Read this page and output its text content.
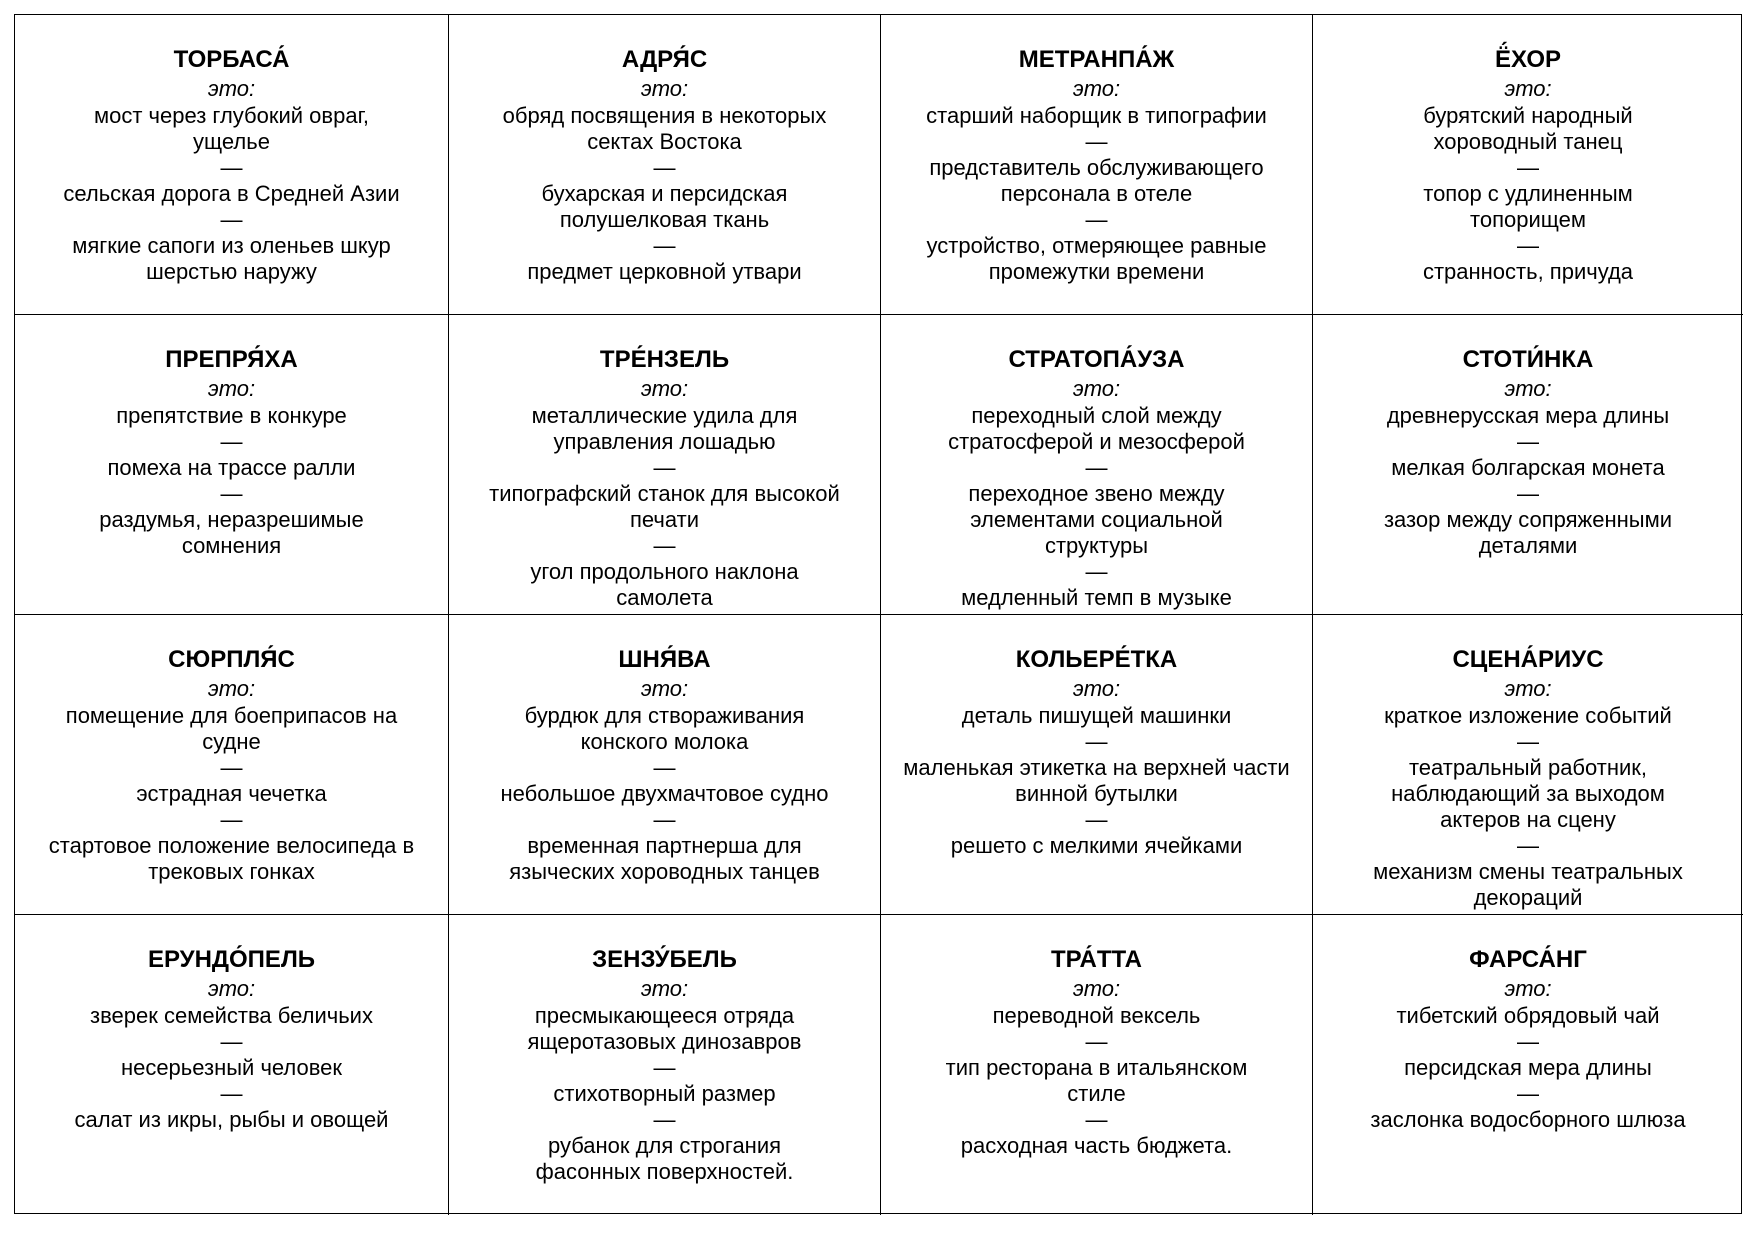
ТОРБАСА́
это:
мост через глубокий овраг, ущелье
—
сельская дорога в Средней Азии
—
мягкие сапоги из оленьев шкур шерстью наружу
АДРЯ́С
это:
обряд посвящения в некоторых сектах Востока
—
бухарская и персидская полушелковая ткань
—
предмет церковной утвари
МЕТРАНПА́Ж
это:
старший наборщик в типографии
—
представитель обслуживающего персонала в отеле
—
устройство, отмеряющее равные промежутки времени
Ё́ХОР
это:
бурятский народный хороводный танец
—
топор с удлиненным топорищем
—
странность, причуда
ПРЕПРЯ́ХА
это:
препятствие в конкуре
—
помеха на трассе ралли
—
раздумья, неразрешимые сомнения
ТРЕ́НЗЕЛЬ
это:
металлические удила для управления лошадью
—
типографский станок для высокой печати
—
угол продольного наклона самолета
СТРАТОПА́УЗА
это:
переходный слой между стратосферой и мезосферой
—
переходное звено между элементами социальной структуры
—
медленный темп в музыке
СТОТИ́НКА
это:
древнерусская мера длины
—
мелкая болгарская монета
—
зазор между сопряженными деталями
СЮРПЛЯ́С
это:
помещение для боеприпасов на судне
—
эстрадная чечетка
—
стартовое положение велосипеда в трековых гонках
ШНЯ́ВА
это:
бурдюк для створаживания конского молока
—
небольшое двухмачтовое судно
—
временная партнерша для языческих хороводных танцев
КОЛЬЕРЕ́ТКА
это:
деталь пишущей машинки
—
маленькая этикетка на верхней части винной бутылки
—
решето с мелкими ячейками
СЦЕНА́РИУС
это:
краткое изложение событий
—
театральный работник, наблюдающий за выходом актеров на сцену
—
механизм смены театральных декораций
ЕРУНДО́ПЕЛЬ
это:
зверек семейства беличьих
—
несерьезный человек
—
салат из икры, рыбы и овощей
ЗЕНЗУ́БЕЛЬ
это:
пресмыкающееся отряда ящеротазовых динозавров
—
стихотворный размер
—
рубанок для строгания фасонных поверхностей.
ТРА́ТТА
это:
переводной вексель
—
тип ресторана в итальянском стиле
—
расходная часть бюджета.
ФАРСА́НГ
это:
тибетский обрядовый чай
—
персидская мера длины
—
заслонка водосборного шлюза
